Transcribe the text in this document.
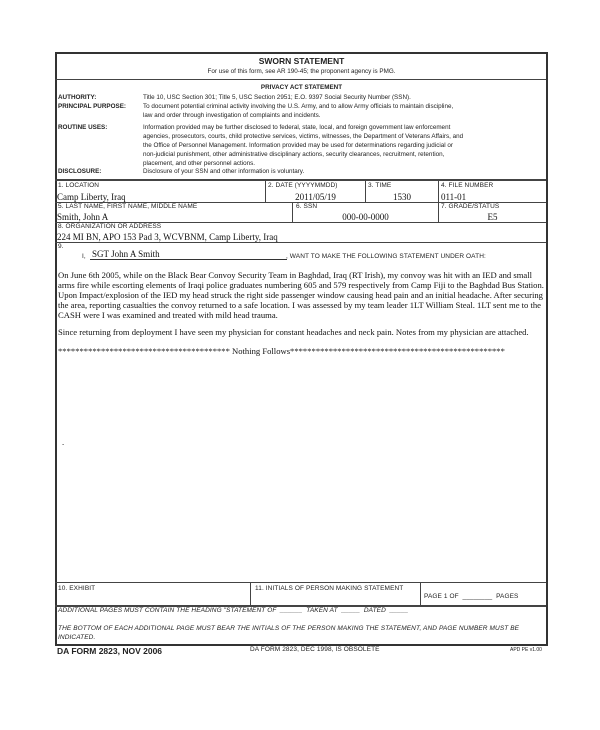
SWORN STATEMENT
For use of this form, see AR 190-45; the proponent agency is PMG.
PRIVACY ACT STATEMENT
AUTHORITY:	Title 10, USC Section 301; Title 5, USC Section 2951; E.O. 9397 Social Security Number (SSN).
PRINCIPAL PURPOSE:	To document potential criminal activity involving the U.S. Army, and to allow Army officials to maintain discipline,
law and order through investigation of complaints and incidents.
ROUTINE USES:	Information provided may be further disclosed to federal, state, local, and foreign government law enforcement
agencies, prosecutors, courts, child protective services, victims, witnesses, the Department of Veterans Affairs, and
the Office of Personnel Management. Information provided may be used for determinations regarding judicial or
non-judicial punishment, other administrative disciplinary actions, security clearances, recruitment, retention,
placement, and other personnel actions.
DISCLOSURE:	Disclosure of your SSN and other information is voluntary.
1. LOCATION
Camp Liberty, Iraq
2. DATE (YYYYMMDD)
2011/05/19
3. TIME
1530
4. FILE NUMBER
011-01
5. LAST NAME, FIRST NAME, MIDDLE NAME
Smith, John A
6. SSN
000-00-0000
7. GRADE/STATUS
E5
8. ORGANIZATION OR ADDRESS
224 MI BN, APO 153 Pad 3, WCVBNM, Camp Liberty, Iraq
9.
I, SGT John A Smith	, WANT TO MAKE THE FOLLOWING STATEMENT UNDER OATH:
On June 6th 2005, while on the Black Bear Convoy Security Team in Baghdad, Iraq (RT Irish), my convoy was hit with an IED and small arms fire while escorting elements of Iraqi police graduates numbering 605 and 579 respectively from Camp Fiji to the Baghdad Bus Station. Upon Impact/explosion of the IED my head struck the right side passenger window causing head pain and an initial headache. After securing the area, reporting casualties the convoy returned to a safe location. I was assessed by my team leader 1LT William Steal. 1LT sent me to the CASH were I was examined and treated with mild head trauma.
Since returning from deployment I have seen my physician for constant headaches and neck pain. Notes from my physician are attached.
**************************************** Nothing Follows**************************************************
.
10. EXHIBIT	11. INITIALS OF PERSON MAKING STATEMENT
PAGE 1 OF  ________  PAGES
ADDITIONAL PAGES MUST CONTAIN THE HEADING "STATEMENT OF  ______  TAKEN AT  _____  DATED  _____
THE BOTTOM OF EACH ADDITIONAL PAGE MUST BEAR THE INITIALS OF THE PERSON MAKING THE STATEMENT, AND PAGE NUMBER MUST BE INDICATED.
DA FORM 2823, NOV 2006	DA FORM 2823, DEC 1998, IS OBSOLETE	APD PE v1.00
